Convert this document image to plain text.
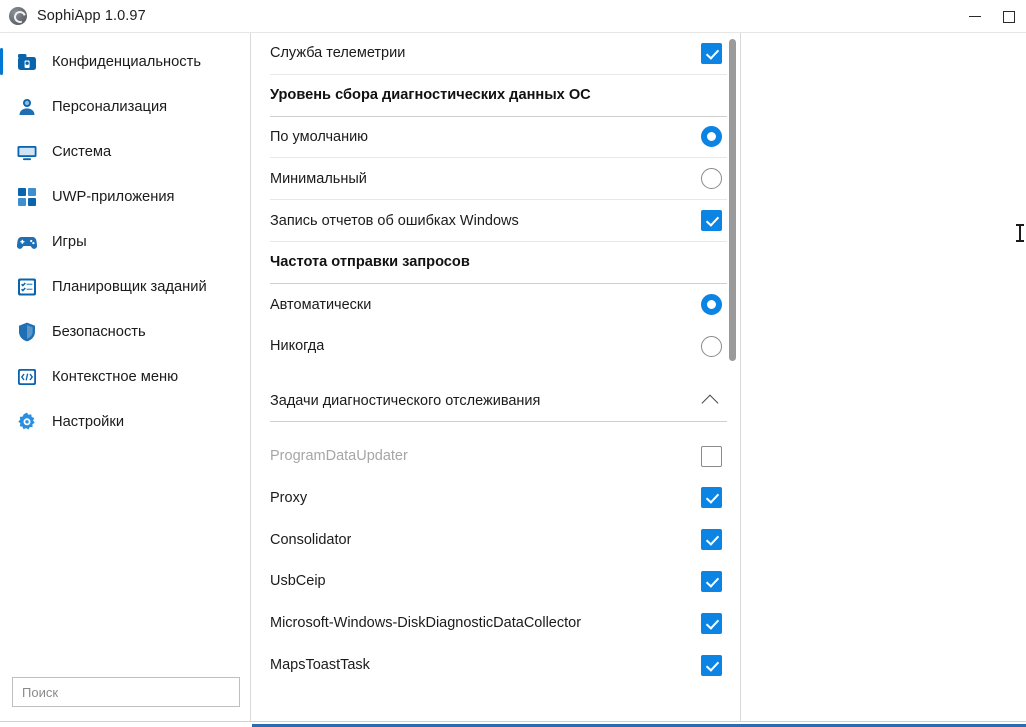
SophiApp 1.0.97
Конфиденциальность
Персонализация
Система
UWP-приложения
Игры
Планировщик заданий
Безопасность
Контекстное меню
Настройки
Поиск
Служба телеметрии
Уровень сбора диагностических данных ОС
По умолчанию
Минимальный
Запись отчетов об ошибках Windows
Частота отправки запросов
Автоматически
Никогда
Задачи диагностического отслеживания
ProgramDataUpdater
Proxy
Consolidator
UsbCeip
Microsoft-Windows-DiskDiagnosticDataCollector
MapsToastTask
